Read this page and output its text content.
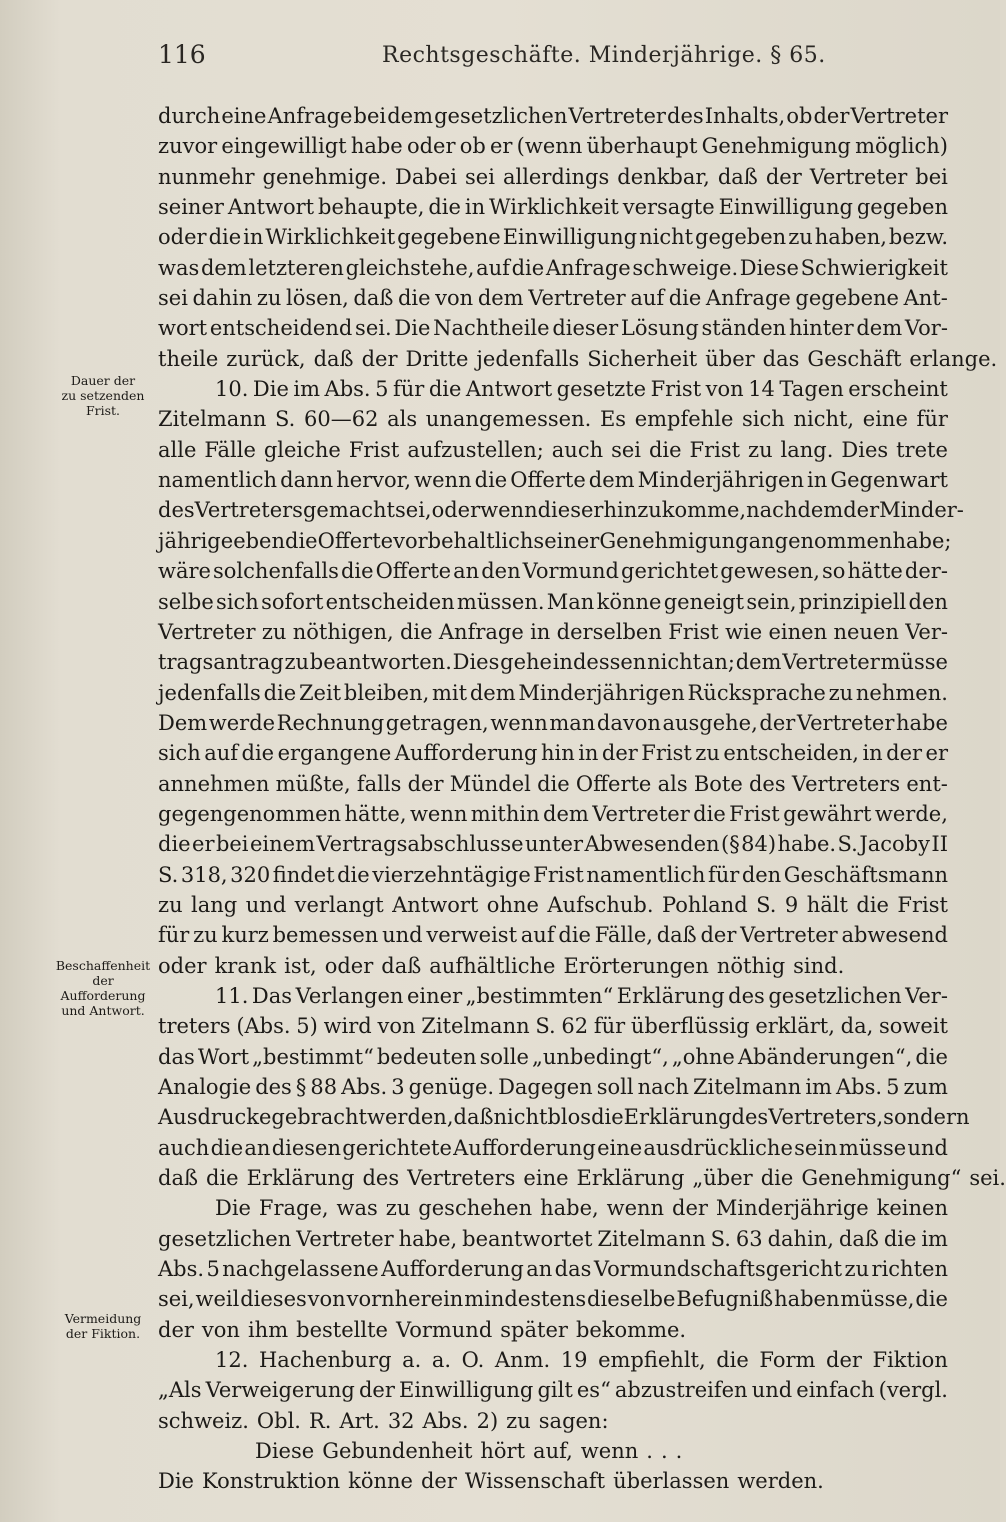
116	Rechtsgeschäfte. Minderjährige. § 65.
Dauer der
zu setzenden
Frist.
Beschaffenheit
der
Aufforderung
und Antwort.
Vermeidung
der Fiktion.
durch eine Anfrage bei dem gesetzlichen Vertreter des Inhalts, ob der Vertreter
zuvor eingewilligt habe oder ob er (wenn überhaupt Genehmigung möglich)
nunmehr genehmige. Dabei sei allerdings denkbar, daß der Vertreter bei
seiner Antwort behaupte, die in Wirklichkeit versagte Einwilligung gegeben
oder die in Wirklichkeit gegebene Einwilligung nicht gegeben zu haben, bezw.
was dem letzteren gleichstehe, auf die Anfrage schweige. Diese Schwierigkeit
sei dahin zu lösen, daß die von dem Vertreter auf die Anfrage gegebene Ant-
wort entscheidend sei. Die Nachtheile dieser Lösung ständen hinter dem Vor-
theile zurück, daß der Dritte jedenfalls Sicherheit über das Geschäft erlange.
10. Die im Abs. 5 für die Antwort gesetzte Frist von 14 Tagen erscheint
Zitelmann S. 60—62 als unangemessen. Es empfehle sich nicht, eine für
alle Fälle gleiche Frist aufzustellen; auch sei die Frist zu lang. Dies trete
namentlich dann hervor, wenn die Offerte dem Minderjährigen in Gegenwart
des Vertreters gemacht sei, oder wenn dieser hinzukomme, nachdem der Minder-
jährige eben die Offerte vorbehaltlich seiner Genehmigung angenommen habe;
wäre solchenfalls die Offerte an den Vormund gerichtet gewesen, so hätte der-
selbe sich sofort entscheiden müssen. Man könne geneigt sein, prinzipiell den
Vertreter zu nöthigen, die Anfrage in derselben Frist wie einen neuen Ver-
tragsantrag zu beantworten. Dies gehe indessen nicht an; dem Vertreter müsse
jedenfalls die Zeit bleiben, mit dem Minderjährigen Rücksprache zu nehmen.
Dem werde Rechnung getragen, wenn man davon ausgehe, der Vertreter habe
sich auf die ergangene Aufforderung hin in der Frist zu entscheiden, in der er
annehmen müßte, falls der Mündel die Offerte als Bote des Vertreters ent-
gegengenommen hätte, wenn mithin dem Vertreter die Frist gewährt werde,
die er bei einem Vertragsabschlusse unter Abwesenden (§ 84) habe. S. Jacoby II
S. 318, 320 findet die vierzehntägige Frist namentlich für den Geschäftsmann
zu lang und verlangt Antwort ohne Aufschub. Pohland S. 9 hält die Frist
für zu kurz bemessen und verweist auf die Fälle, daß der Vertreter abwesend
oder krank ist, oder daß aufhältliche Erörterungen nöthig sind.
11. Das Verlangen einer „bestimmten“ Erklärung des gesetzlichen Ver-
treters (Abs. 5) wird von Zitelmann S. 62 für überflüssig erklärt, da, soweit
das Wort „bestimmt“ bedeuten solle „unbedingt“, „ohne Abänderungen“, die
Analogie des § 88 Abs. 3 genüge. Dagegen soll nach Zitelmann im Abs. 5 zum
Ausdrucke gebracht werden, daß nicht blos die Erklärung des Vertreters, sondern
auch die an diesen gerichtete Aufforderung eine ausdrückliche sein müsse und
daß die Erklärung des Vertreters eine Erklärung „über die Genehmigung“ sei.
Die Frage, was zu geschehen habe, wenn der Minderjährige keinen
gesetzlichen Vertreter habe, beantwortet Zitelmann S. 63 dahin, daß die im
Abs. 5 nachgelassene Aufforderung an das Vormundschaftsgericht zu richten
sei, weil dieses von vornherein mindestens dieselbe Befugniß haben müsse, die
der von ihm bestellte Vormund später bekomme.
12. Hachenburg a. a. O. Anm. 19 empfiehlt, die Form der Fiktion
„Als Verweigerung der Einwilligung gilt es“ abzustreifen und einfach (vergl.
schweiz. Obl. R. Art. 32 Abs. 2) zu sagen:
Diese Gebundenheit hört auf, wenn . . .
Die Konstruktion könne der Wissenschaft überlassen werden.
